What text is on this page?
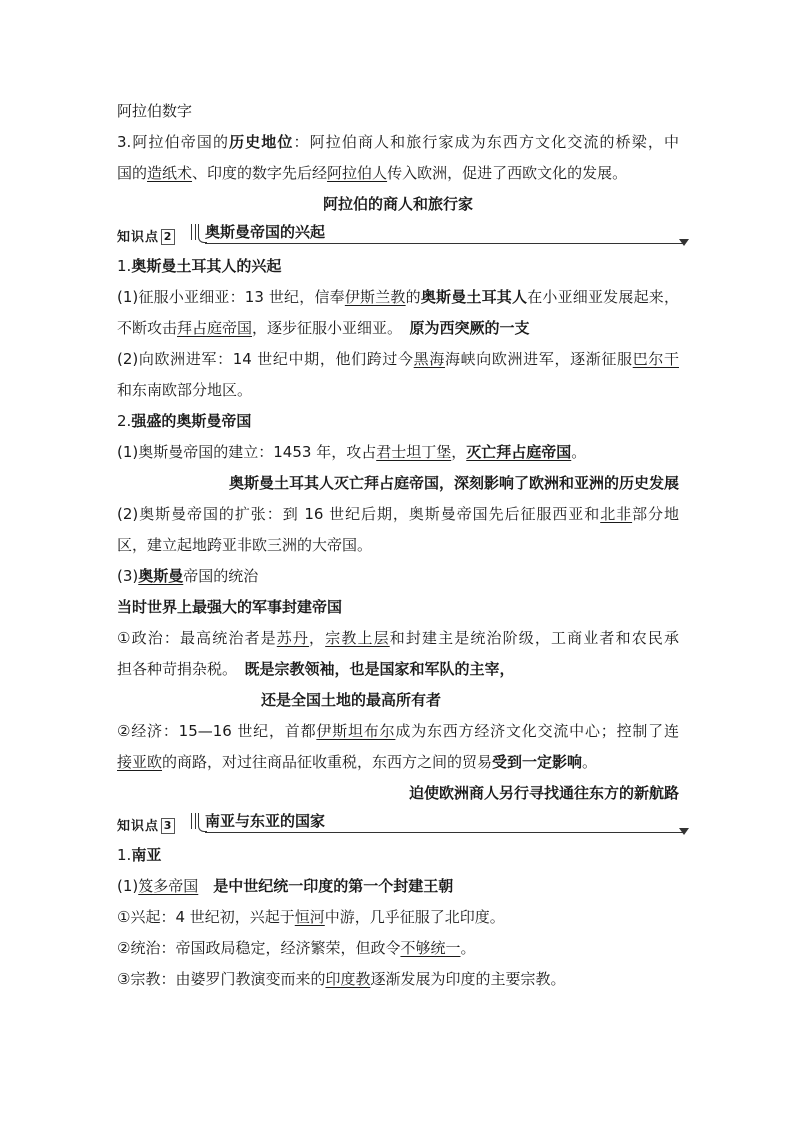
阿拉伯数字
3.阿拉伯帝国的历史地位：阿拉伯商人和旅行家成为东西方文化交流的桥梁，中
国的造纸术、印度的数字先后经阿拉伯人传入欧洲，促进了西欧文化的发展。
阿拉伯的商人和旅行家
知识点 2 奥斯曼帝国的兴起
1.奥斯曼土耳其人的兴起
(1)征服小亚细亚：13 世纪，信奉伊斯兰教的奥斯曼土耳其人在小亚细亚发展起来，
不断攻击拜占庭帝国，逐步征服小亚细亚。　原为西突厥的一支
(2)向欧洲进军：14 世纪中期，他们跨过今黑海海峡向欧洲进军，逐渐征服巴尔干
和东南欧部分地区。
2.强盛的奥斯曼帝国
(1)奥斯曼帝国的建立：1453 年，攻占君士坦丁堡，灭亡拜占庭帝国。
奥斯曼土耳其人灭亡拜占庭帝国，深刻影响了欧洲和亚洲的历史发展
(2)奥斯曼帝国的扩张：到 16 世纪后期，奥斯曼帝国先后征服西亚和北非部分地
区，建立起地跨亚非欧三洲的大帝国。
(3)奥斯曼帝国的统治
当时世界上最强大的军事封建帝国
①政治：最高统治者是苏丹，宗教上层和封建主是统治阶级，工商业者和农民承
担各种苛捐杂税。　既是宗教领袖，也是国家和军队的主宰，
还是全国土地的最高所有者
②经济：15—16 世纪，首都伊斯坦布尔成为东西方经济文化交流中心；控制了连
接亚欧的商路，对过往商品征收重税，东西方之间的贸易受到一定影响。
迫使欧洲商人另行寻找通往东方的新航路
知识点 3 南亚与东亚的国家
1.南亚
(1)笈多帝国　 是中世纪统一印度的第一个封建王朝
①兴起：4 世纪初，兴起于恒河中游，几乎征服了北印度。
②统治：帝国政局稳定，经济繁荣，但政令不够统一。
③宗教：由婆罗门教演变而来的印度教逐渐发展为印度的主要宗教。
